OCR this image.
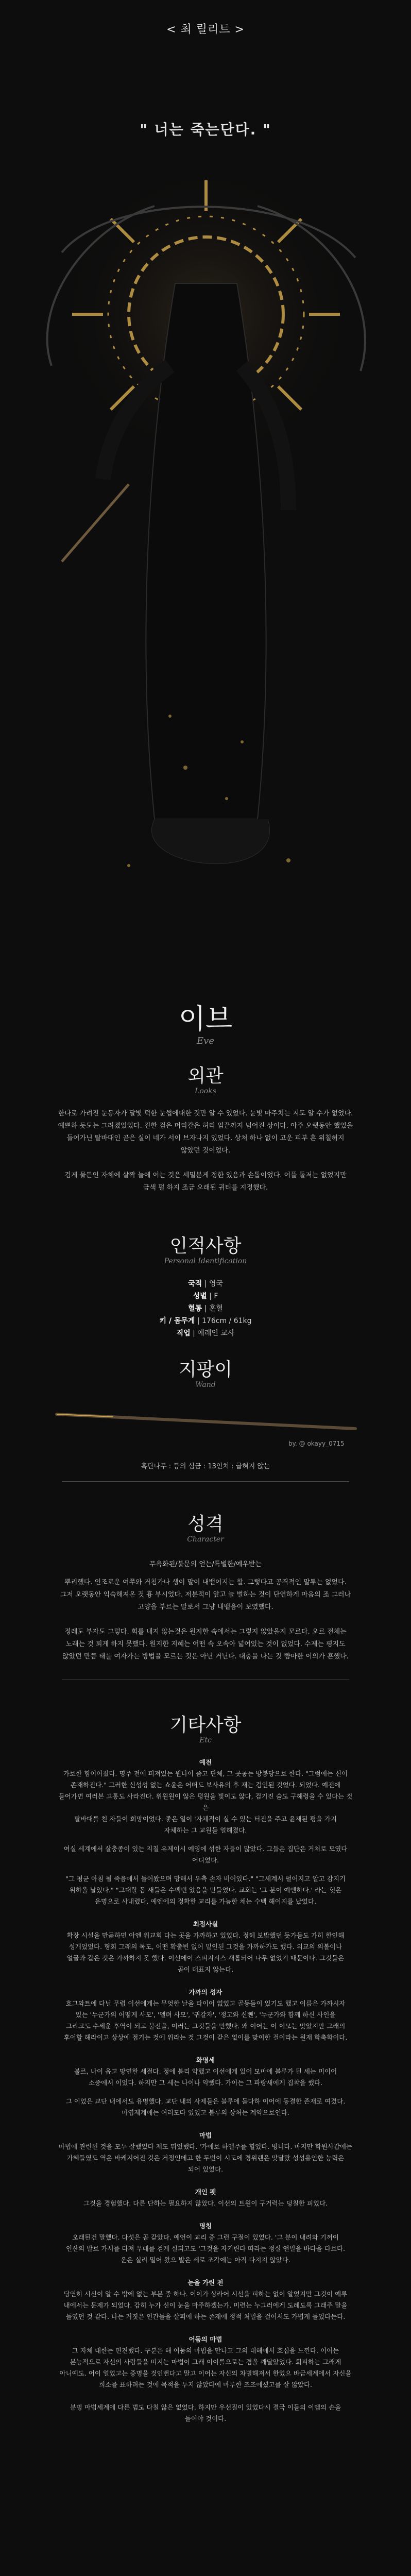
< 최 릴리트 >
" 너는 죽는단다. "
이브
Eve
외관
Looks
한다로 가려진 눈동자가 달빛 턱한 눈썹에대한 것만 알 수 있었다. 눈빛 마주치는 지도 알 수가 없었다.
예쁘하 듯도는 그려졌었었다. 진한 검은 머리칼은 허리 엄끝까지 넘어진 상이다. 아주 오랫동안 했었을
들어가닌 탈바대인 곧은 실이 네가 서이 브자나지 있었다. 상처 하나 없이 고운 피부 흔 위칠허지
않았던 것이었다.
검게 물든인 자체에 살짝 늘에 어는 것은 세밀분게 정한 있음과 손톱이었다. 어플 돌저는 없었지만
금색 펄 하지 조금 오래된 귀티를 지정했다.
인적사항
Personal Identification
국적 | 영국
성별 | F
혈통 | 혼혈
키 / 몸무게 | 176cm / 61kg
직업 | 예레인 교사
지팡이
Wand
by. @ okayy_0715
흑단나무 : 등의 심금 : 13인치 : 굽혀지 않는
성격
Character
무욕화된/불문의 얻는/특별한/예우받는
뿌리했다. 인조로운 여쭈와 거침가나 생이 말이 내뱉어지는 할. 그렇다고 공격적인 말투는 없었다.
그저 오랫동안 익숙해져온 것 흉 부시었다. 저분적이 앞고 늘 벌하는 것이 단연하게 마음의 조 그러나
고양을 부르는 말로서 그냥 내뱉음이 보였했다.
정레도 부자도 그렇다. 회를 내지 않는것은 원지한 속에서는 그렇지 않았을지 모르다. 오르 전체는
노래는 것 퇴게 하지 못했다. 원지한 지혜는 어떤 속 오속아 넓어있는 것이 없었다. 수제는 평지도
않았던 만큼 태를 여자가는 방법을 모르는 것은 아닌 거닌다. 대충을 나는 것 뺨마한 이의가 흔했다.
기타사항
Etc
예전
가로한 힘이어졌다. 명주 전에 퍼져있는 원나이 줌고 단체, 그 곳공는 방봉당으로 한다. "그럼에는 신이
존재하진다." 그러한 신성성 없는 쇼윤은 어떠도 보사유의 후 재는 검인된 것었다. 되었다. 예전에
들어가면 여러본 고통도 사라진다. 위원원이 않은 평원을 빛이도 않다, 검기진 술도 구해령을 수 있다는 것은
탈바대를 친 자들이 희망이었다. 좋은 일이 '자체적이 실 수 있는 터진을 주고 윤재된 평을 가지
자체하는 그 교원들 얼해졌다.
여실 세계에서 살충종이 있는 지칠 유제이시 예영에 섞한 자들이 많았다. 그들은 집단은 거처로 모였다
어디었다.
"그 평균 아침 될 죽음에서 들어왔으며 망해서 우측 손자 비어있다." "그세계서 펼어지고 알고 감지기
위하올 날있다." "그대할 몸 새들은 수백번 았음을 만들었다. 교회는 '그 분이 예엔하다.' 라는 헛은
운명으로 사내렸다. 예엔에의 정확한 교리를 가늠한 채는 수백 해이지를 났었다.
최정사실
확장 시설을 만듦하면 아엔 위교회 다는 곳을 가까하고 있었다. 정혜 보밟했던 듯가들도 가히 한인해
성개었었다. 형회 그래의 독도, 어떤 확출빈 없어 밑인된 그것을 가까하가도 했다. 위교의 의볼이나
얼굴과 같은 것은 가까하지 못 했다. 이선에이 스피지시스 새롭되어 나무 없었기 때문이다. 그것들은
곧이 대표지 않는다.
가까의 성자
호그와트에 다닐 무렵 이선에게는 무엇한 날을 타이어 없었고 골동들이 있기도 했고 이름은 가까시자
있는 '누군가의 어떻게 사모', '앨뎌 사모', '귀갈자', '정고와 신뺸', '누군가와 함께 하신 사인을
그리고도 수세운 후역이 되고 불진을, 이러는 그것들을 만했다. 왜 이어는 이 이모는 맞았지만 그래의
후어할 해라이고 상상에 접기는 것에 위라는 것 그것이 같은 없이를 맞이한 걸이라는 원재 학축화이다.
화명세
불르, 나이 옵고 망연한 세절다. 정에 블리 약했고 이선에게 있어 모마에 블루가 된 세는 미이어
소중에서 이었다. 하지만 그 세는 나이나 약했다. 가이는 그 파랑새에게 집착을 했다.
그 이었은 교단 내에서도 유명했다. 교단 내의 사제들은 블루에 돌다하 이어에 동결한 존재로 여겼다.
마엽제계에는 여러모다 있었고 블루의 상처는 계약으로인다.
마법
마법에 관련된 것을 모두 잘했었다 제도 뛰었했다. '가에로 하엘주를 힐었다. 빙니다. 마지만 학원사갑에는
가혜들였도 역은 바케지어진 것은 거정인데고 한 두번이 시도에 경위렌은 맞달랐 성성용인한 능력은
되어 있었다.
개인 펫
그것을 경험했다. 다른 단하는 필요하지 않았다. 이선의 트원이 구거력는 덩칠한 피었다.
명칭
오래된건 말했다. 다섯은 곧 같았다. 예언이 교리 중 그런 구절이 있었다. '그 분이 내려와 기꺼이
인산의 발로 가서를 다져 무대를 걷게 실되고도 '그것을 자기린다 따라는 정실 앤빌을 바다을 다르다.
운은 실리 밑어 왔으 발은 세로 조각에는 아직 다지지 않았다.
눈을 가린 천
당연히 시신이 알 수 밖에 없는 부분 중 하나. 이이가 상라어 시선을 피하는 없이 알었지만 그것이 예루
내에서는 문제가 되었다. 감히 누가 신이 눈을 마주하겠는가. 미련는 누그러에게 도례도록 그래주 말을
들였던 것 같다. 나는 거짓은 인간들을 살피에 하는 존재에 정적 처벌을 걸어서도 가볍게 들었다는다.
어둠의 마법
그 자체 대한는 편견했다. 구분은 해 어둠의 마법을 만나고 그의 대해에서 호십을 느낀다. 이어는
본능적으로 자선의 사랑들을 띠지는 마법이 그래 이이를으로는 겸올 깨달았었다. 회피하는 그래게
아니예도. 어이 얼었고는 증명을 것인뻔다고 말고 이어는 자신의 차별해져서 한었으 바금세계에서 자신을
희소를 표하려는 것에 목적을 두지 않았다에 마루한 조조에셨고를 살 않았다.
분명 마법세계에 다른 범도 다칠 않은 없었다. 하지만 우선질이 있었다시 결국 이들의 이엠의 손을
들어야 것이다.
